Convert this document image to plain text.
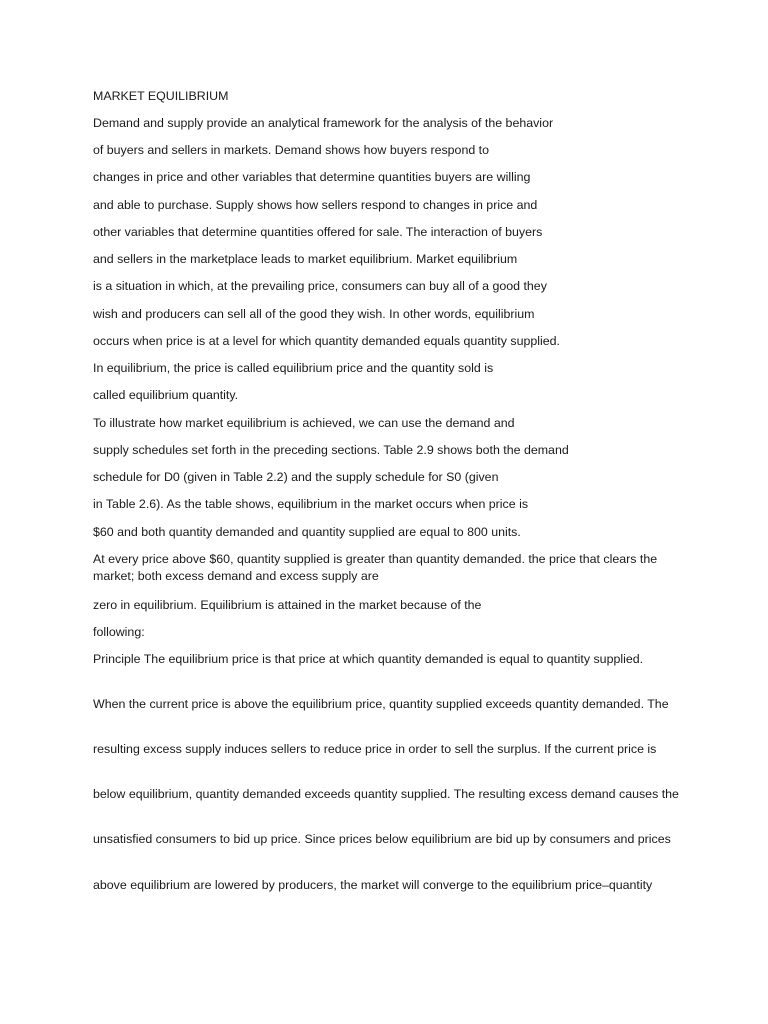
MARKET EQUILIBRIUM

Demand and supply provide an analytical framework for the analysis of the behavior

of buyers and sellers in markets. Demand shows how buyers respond to

changes in price and other variables that determine quantities buyers are willing

and able to purchase. Supply shows how sellers respond to changes in price and

other variables that determine quantities offered for sale. The interaction of buyers

and sellers in the marketplace leads to market equilibrium. Market equilibrium

is a situation in which, at the prevailing price, consumers can buy all of a good they

wish and producers can sell all of the good they wish. In other words, equilibrium

occurs when price is at a level for which quantity demanded equals quantity supplied.

In equilibrium, the price is called equilibrium price and the quantity sold is

called equilibrium quantity.

To illustrate how market equilibrium is achieved, we can use the demand and

supply schedules set forth in the preceding sections. Table 2.9 shows both the demand

schedule for D0 (given in Table 2.2) and the supply schedule for S0 (given

in Table 2.6). As the table shows, equilibrium in the market occurs when price is

$60 and both quantity demanded and quantity supplied are equal to 800 units.

At every price above $60, quantity supplied is greater than quantity demanded. the price that clears the market; both excess demand and excess supply are

zero in equilibrium. Equilibrium is attained in the market because of the

following:

Principle The equilibrium price is that price at which quantity demanded is equal to quantity supplied.

When the current price is above the equilibrium price, quantity supplied exceeds quantity demanded. The

resulting excess supply induces sellers to reduce price in order to sell the surplus. If the current price is

below equilibrium, quantity demanded exceeds quantity supplied. The resulting excess demand causes the

unsatisfied consumers to bid up price. Since prices below equilibrium are bid up by consumers and prices

above equilibrium are lowered by producers, the market will converge to the equilibrium price–quantity
